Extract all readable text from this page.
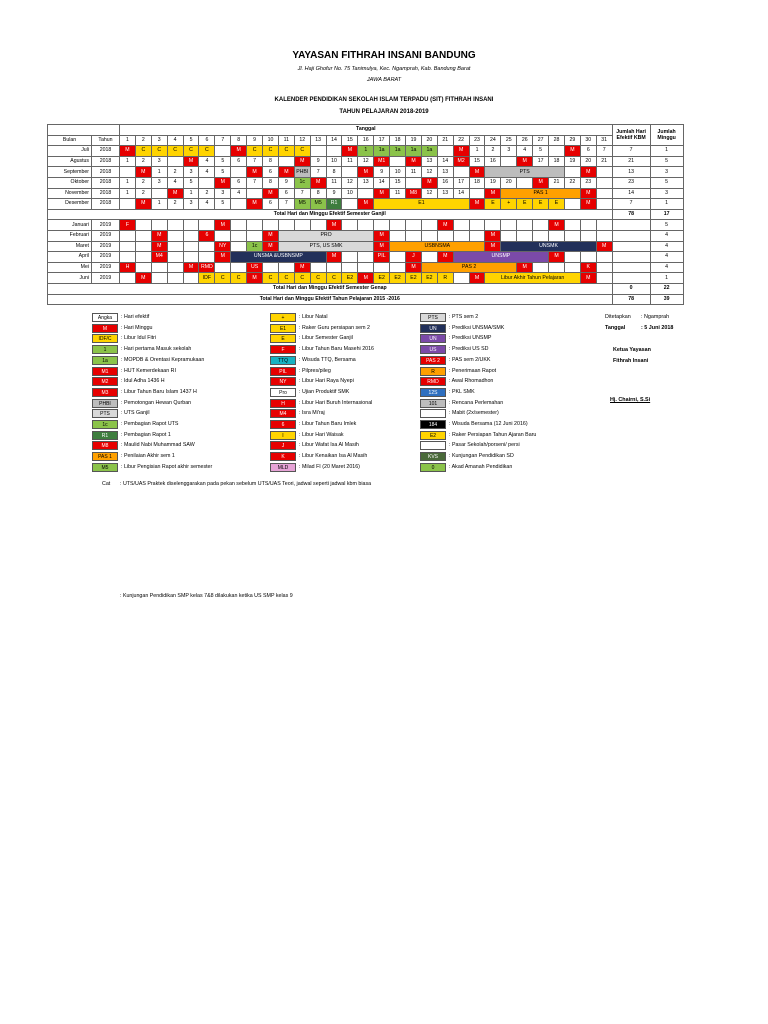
YAYASAN FITHRAH INSANI BANDUNG
Jl. Haji Ghofur No. 75 Tanimulya, Kec. Ngamprah, Kab. Bandung Barat
JAWA BARAT
KALENDER PENDIDIKAN SEKOLAH ISLAM TERPADU (SIT) FITHRAH INSANI
TAHUN PELAJARAN 2018-2019
		Tanggal																															Jumlah Hari Efektif KBM	Jumlah Minggu
Bulan	Tahun	1	2	3	4	5	6	7	8	9	10	11	12	13	14	15	16	17	18	19	20	21	22	23	24	25	26	27	28	29	30	31		
Juli	2018	M	C	C	C	C	C		M	C	C	C	C			M	1	1a	1a	1a	1a		M	1	2	3	4	5		M	6	7	7	1
Agustus	2018	1	2	3		M	4	5	6	7	8		M	9	10	11	12	M1		M	13	14	M2	15	16		M	17	18	19	20	21	21	5
September	2018		M	1	2	3	4	5		M	6	M	PHBI	7	8		M	9	10	11	12	13		M	PTS						M		13	3
Oktober	2018	1	2	3	4	5		M	6	7	8	9	1c	M	11	12	13	14	15		M	16	17	18	19	20		M	21	22	23		23	5
November	2018	1	2		M	1	2	3	4		M	6	7	8	9	10		M	11	M8	12	13	14		M	PAS 1					M		14	3
Desember	2018		M	1	2	3	4	5		M	6	7	M5	M5	R1		M	E1						M	E	+	E	E	E		M		7	1
Total Hari dan Minggu Efektif Semester Ganjil																																	78	17
Januari	2019	F						M							M							M							M					5
Februari	2019			M			6				M	PRO						M							M									4
Maret	2019			M				NY		1c	M	PTS, US SMK						M	USBNSMA						M	UNSMK						M		4
April	2019			M4				M	UNSMA &USBNSMP						M			PIL		J		M	UNSMP						M					4
Mei	2019	H				M	RMD			US			M							M	PAS 2						M				K			4
Juni	2019		M				IDF	C	C	M	C	C	C	C	C	E2	M	E2	E2	E2	E2	R		M	Libur Akhir Tahun Pelajaran						M			1
Total Hari dan Minggu Efektif Semester Genap																																	0	22
Total Hari dan Minggu Efektif Tahun Pelajaran 2015 -2016																																	78	39
Angka	: Hari efektif
M	: Hari Minggu
IDF/C	: Libur Idul Fitri
1	: Hari pertama Masuk sekolah
1a	: MOPDB & Orentasi Kepramukaan
M1	: HUT Kemerdekaan RI
M2	: Idul Adha 1436 H
M3	: Libur Tahun Baru Islam 1437 H
PHBI	: Pemotongan Hewan Qurban
PTS	: UTS Ganjil
1c	: Pembagian Rapot UTS
R1	: Pembagian Rapot 1
M8	: Maulid Nabi Muhammad SAW
PAS 1	: Penilaian Akhir sem 1
M5	: Libur Pengisian Rapot akhir semester
+	: Libur Natal
E1	: Raker Guru persiapan sem 2
E	: Libur Semester Ganjil
F	: Libur Tahun Baru Masehi 2016
TTQ	: Wisuda TTQ, Bersama
PIL	: Pilpres/pileg
NY	: Libur Hari Raya Nyepi
Pro	: Ujian Produktif SMK
H	: Libur Hari Buruh Internasional
M4	: Isra Mi'raj
6	: Libur Tahun Baru Imlek
I	: Libur Hari Waisak
J	: Libur Wafat Isa Al Masih
K	: Libur Kenaikan Isa Al Masih
MLD	: Milad FI (20 Maret 2016)
PTS	: PTS sem 2
UN	: Prediksi UNSMA/SMK
UN	: Prediksi UNSMP
US	: Prediksi US SD
PAS 2	: PAS sem 2/UKK
R	: Penerimaan Rapot
RMD	: Awal Rhomadhon
12S	: PKL SMK
101	: Rencana Perlemahan
: Mabit (2x/semester)
184	: Wisuda Bersama (12 Juni 2016)
E2	: Raker Persiapan Tahun Ajaran Baru
: Pasar Sekolah/porseni/ persi
KVS	: Kunjungan Pendidikan SD
0	: Akad Amanah Pendidikan
Ditetapkan : Ngamprah
Tanggal	: 5 Juni 2018
Ketua Yayasan
Fithrah Insani
Hj. Chairni, S.Si
Cat : UTS/UAS Praktek diselenggarakan pada pekan sebelum UTS/UAS Teori, jadwal seperti jadwal kbm biasa
: Kunjungan Pendidikan SMP kelas 7&8 dilakukan ketika US SMP kelas 9
